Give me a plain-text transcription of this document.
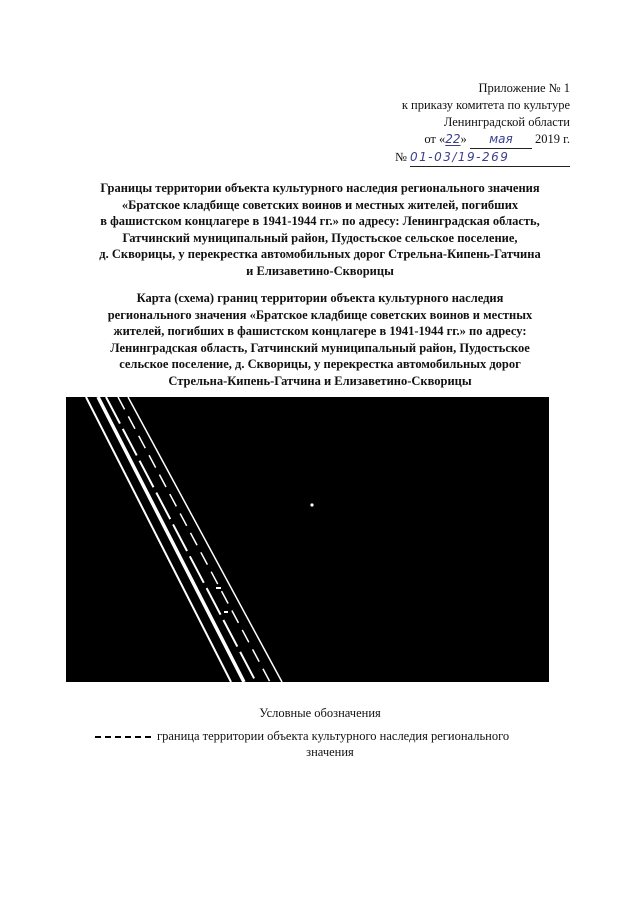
Приложение № 1
к приказу комитета по культуре
Ленинградской области
от «22» мая 2019 г.
№ 01-03/19-269
Границы территории объекта культурного наследия регионального значения
«Братское кладбище советских воинов и местных жителей, погибших
в фашистском концлагере в 1941-1944 гг.» по адресу: Ленинградская область,
Гатчинский муниципальный район, Пудостьское сельское поселение,
д. Скворицы, у перекрестка автомобильных дорог Стрельна-Кипень-Гатчина
и Елизаветино-Скворицы
Карта (схема) границ территории объекта культурного наследия
регионального значения «Братское кладбище советских воинов и местных
жителей, погибших в фашистском концлагере в 1941-1944 гг.» по адресу:
Ленинградская область, Гатчинский муниципальный район, Пудостьское
сельское поселение, д. Скворицы, у перекрестка автомобильных дорог
Стрельна-Кипень-Гатчина и Елизаветино-Скворицы
Условные обозначения
граница территории объекта культурного наследия регионального
значения
